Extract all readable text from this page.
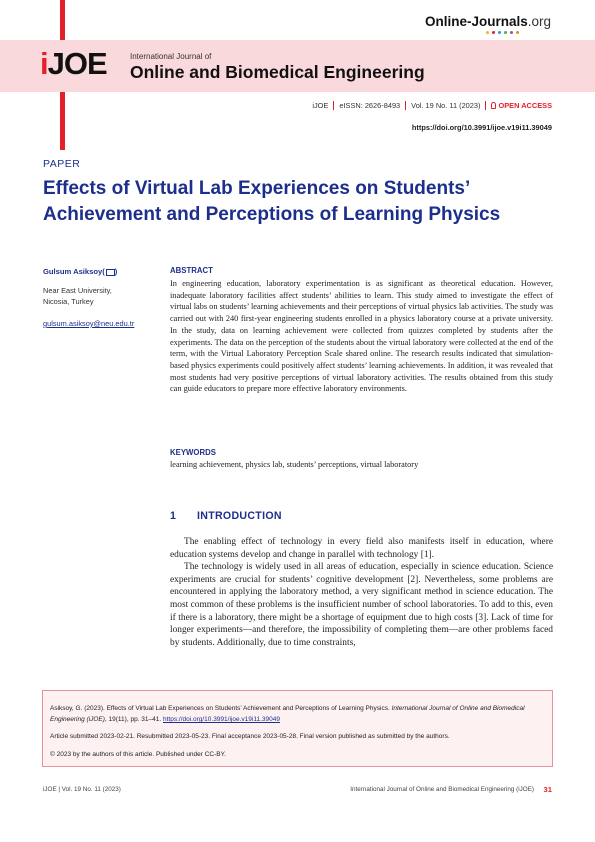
Online-Journals.org
iJOE	International Journal of
Online and Biomedical Engineering
iJOE eISSN: 2626-8493 Vol. 19 No. 11 (2023) OPEN ACCESS
https://doi.org/10.3991/ijoe.v19i11.39049
PAPER
Effects of Virtual Lab Experiences on Students’ Achievement and Perceptions of Learning Physics
Gulsum Asiksoy( )
Near East University,
Nicosia, Turkey
gulsum.asiksoy@neu.edu.tr
ABSTRACT
In engineering education, laboratory experimentation is as significant as theoretical education. However, inadequate laboratory facilities affect students’ abilities to learn. This study aimed to investigate the effect of virtual labs on students’ learning achievements and their perceptions of virtual physics lab activities. The study was carried out with 240 first-year engineering students enrolled in a physics laboratory course at a private university. In the study, data on learning achievement were collected from quizzes completed by students after the experiments. The data on the perception of the students about the virtual laboratory were collected at the end of the term, with the Virtual Laboratory Perception Scale shared online. The research results indicated that simulation-based physics experiments could positively affect students’ learning achievements. In addition, it was revealed that most students had very positive perceptions of virtual laboratory activities. The results obtained from this study can guide educators to prepare more effective laboratory environments.
KEYWORDS
learning achievement, physics lab, students’ perceptions, virtual laboratory
1 INTRODUCTION

The enabling effect of technology in every field also manifests itself in education, where education systems develop and change in parallel with technology [1].

The technology is widely used in all areas of education, especially in science education. Science experiments are crucial for students’ cognitive development [2]. Nevertheless, some problems are encountered in applying the laboratory method, a very significant method in science education. The most common of these problems is the insufficient number of school laboratories. To add to this, even if there is a laboratory, there might be a shortage of equipment due to high costs [3]. Lack of time for longer experiments—and therefore, the impossibility of completing them—are other problems faced by students. Additionally, due to time constraints,

Asiksoy, G. (2023). Effects of Virtual Lab Experiences on Students’ Achievement and Perceptions of Learning Physics. International Journal of Online and Biomedical Engineering (iJOE), 19(11), pp. 31–41. https://doi.org/10.3991/ijoe.v19i11.39049
Article submitted 2023-02-21. Resubmitted 2023-05-23. Final acceptance 2023-05-28. Final version published as submitted by the authors.
© 2023 by the authors of this article. Published under CC-BY.
iJOE | Vol. 19 No. 11 (2023)	International Journal of Online and Biomedical Engineering (iJOE) 31
